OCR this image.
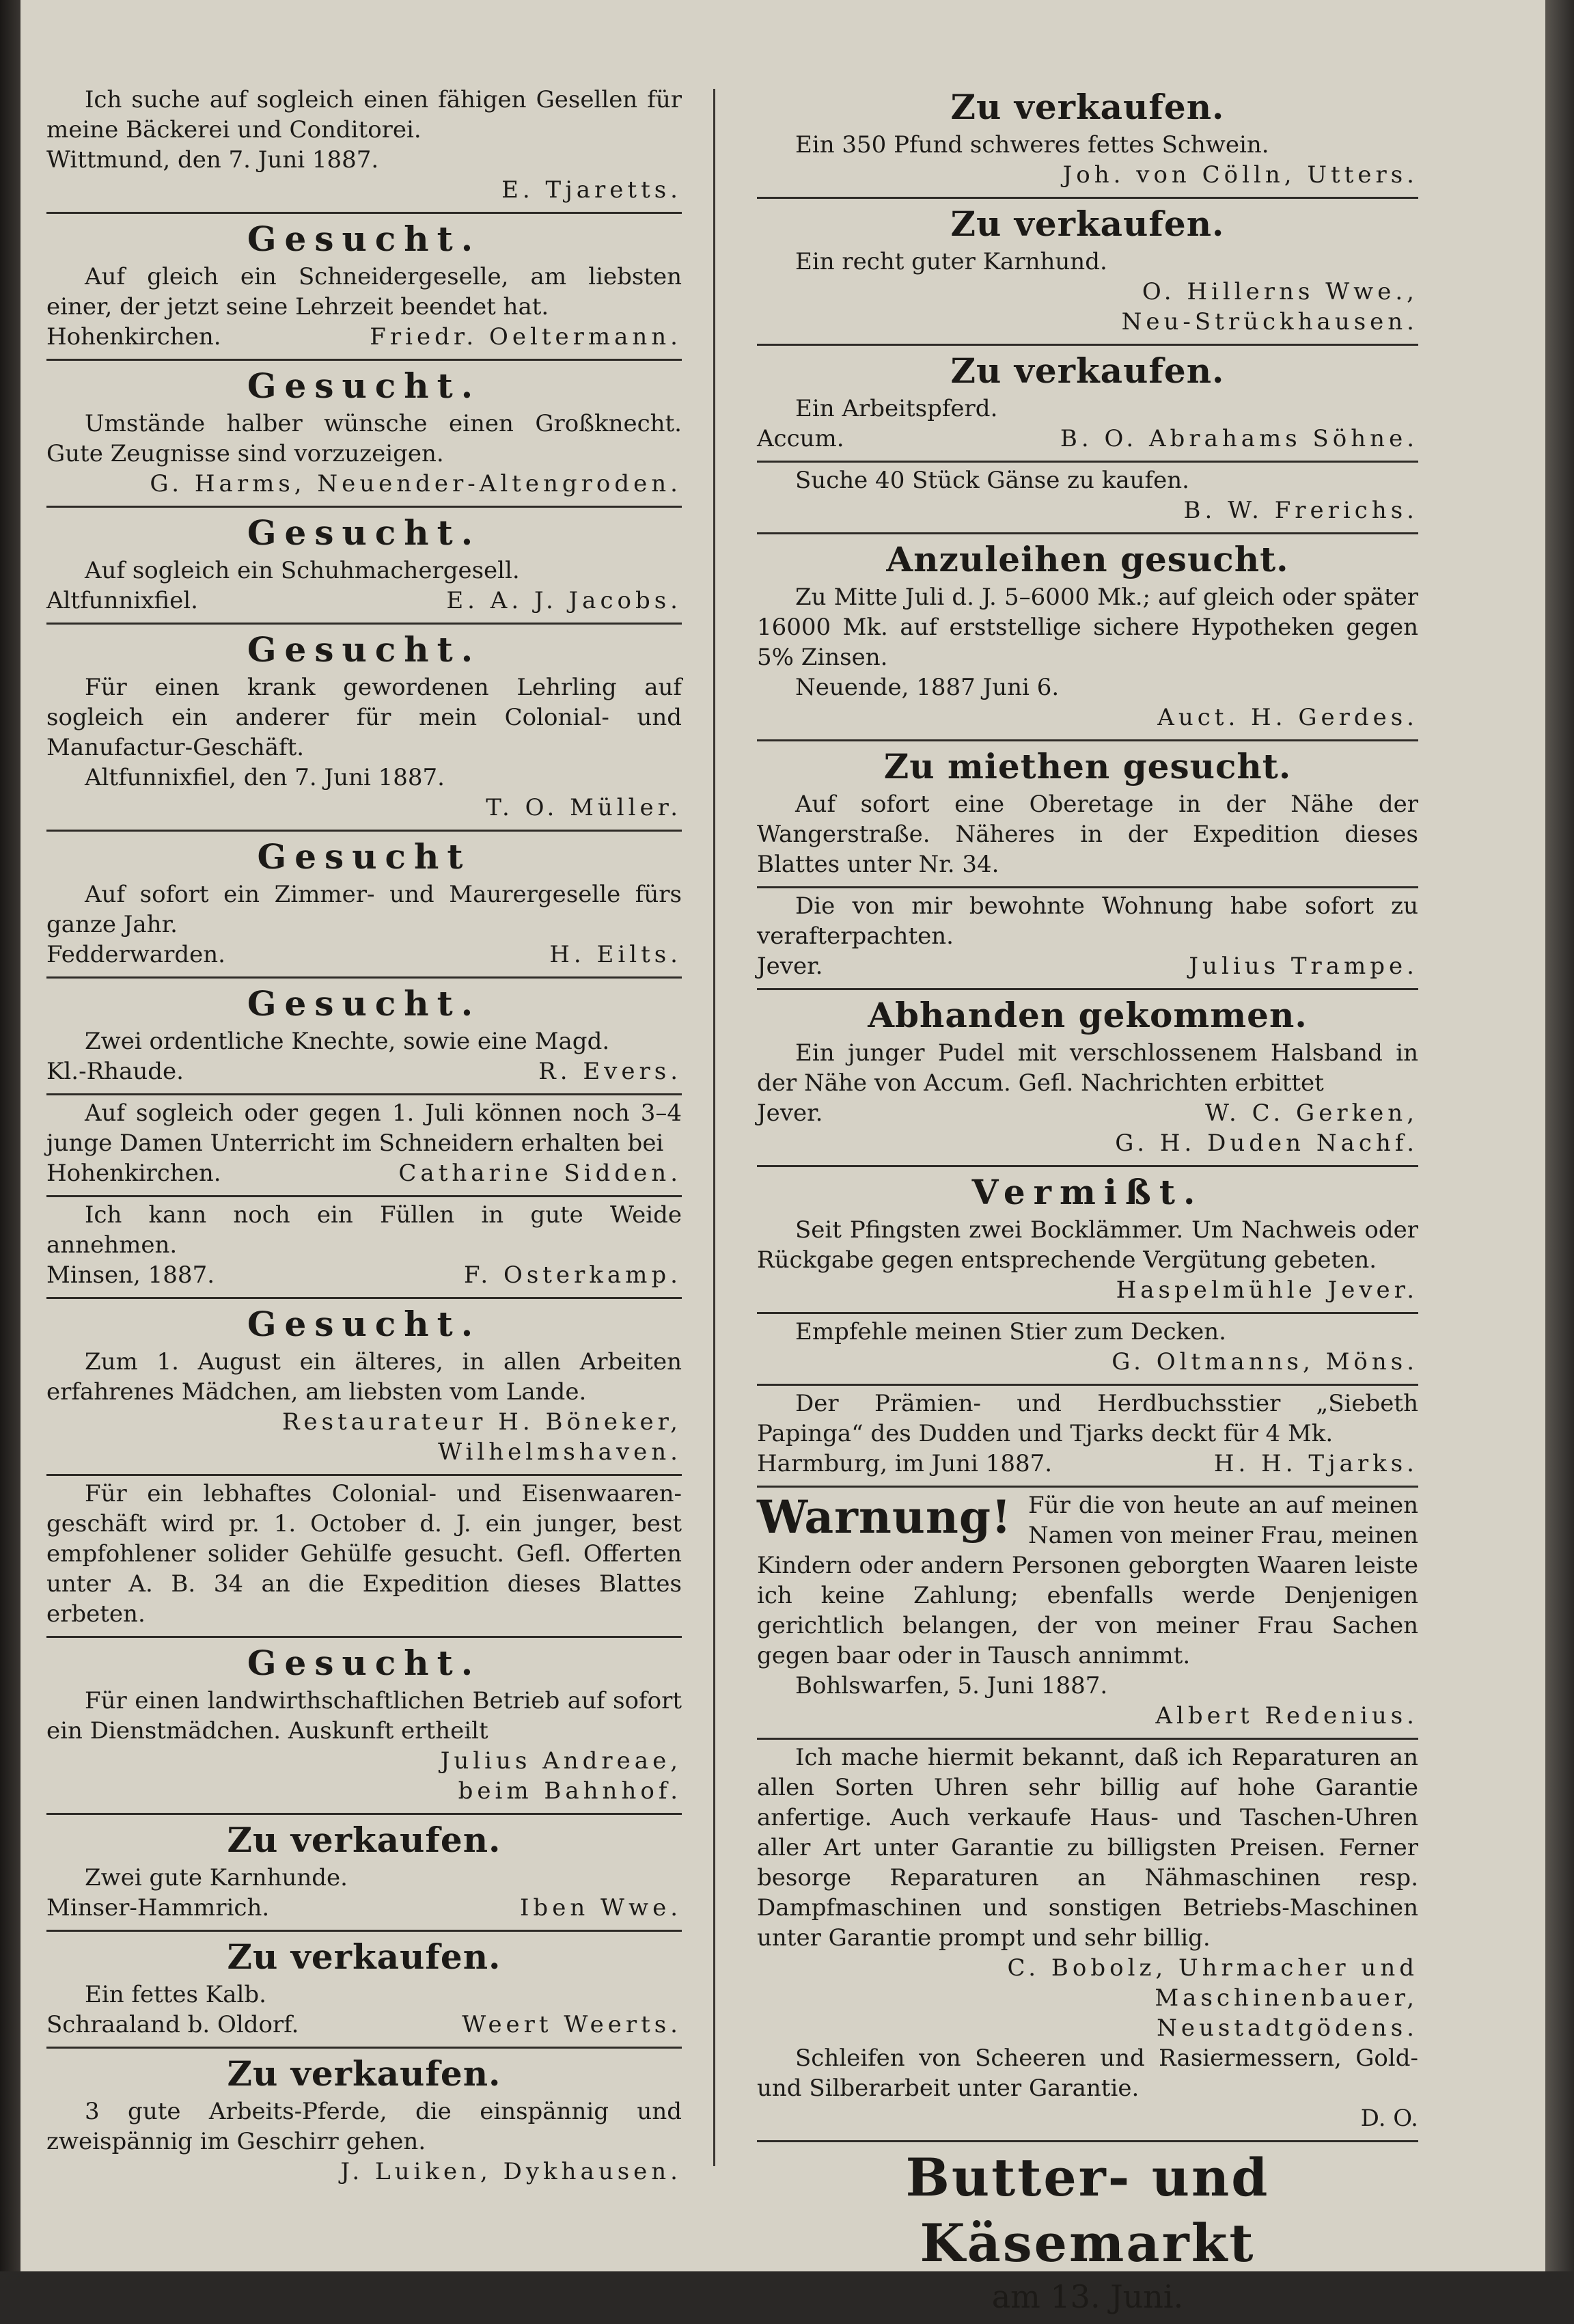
Ich suche auf sogleich einen fähigen Gesellen für meine Bäckerei und Conditorei.

Wittmund, den 7. Juni 1887.
E. Tjaretts.
Gesucht.

Auf gleich ein Schneidergeselle, am liebsten einer, der jetzt seine Lehrzeit beendet hat.

Hohenkirchen.	Friedr. Oeltermann.
Gesucht.

Umstände halber wünsche einen Großknecht. Gute Zeugnisse sind vorzuzeigen.

G. Harms, Neuender-Altengroden.
Gesucht.

Auf sogleich ein Schuhmachergesell.

Altfunnixfiel.	E. A. J. Jacobs.
Gesucht.

Für einen krank gewordenen Lehrling auf sogleich ein anderer für mein Colonial- und Manufactur-Geschäft.

Altfunnixfiel, den 7. Juni 1887.
T. O. Müller.
Gesucht

Auf sofort ein Zimmer- und Maurergeselle fürs ganze Jahr.

Fedderwarden.	H. Eilts.
Gesucht.

Zwei ordentliche Knechte, sowie eine Magd.

Kl.-Rhaude.	R. Evers.

Auf sogleich oder gegen 1. Juli können noch 3–4 junge Damen Unterricht im Schneidern erhalten bei

Hohenkirchen.	Catharine Sidden.

Ich kann noch ein Füllen in gute Weide annehmen.

Minsen, 1887.	F. Osterkamp.
Gesucht.

Zum 1. August ein älteres, in allen Arbeiten erfahrenes Mädchen, am liebsten vom Lande.

Restaurateur H. Böneker,
Wilhelmshaven.

Für ein lebhaftes Colonial- und Eisenwaaren-geschäft wird pr. 1. October d. J. ein junger, best empfohlener solider Gehülfe gesucht. Gefl. Offerten unter A. B. 34 an die Expedition dieses Blattes erbeten.

Gesucht.

Für einen landwirthschaftlichen Betrieb auf sofort ein Dienstmädchen. Auskunft ertheilt

Julius Andreae,
beim Bahnhof.
Zu verkaufen.

Zwei gute Karnhunde.

Minser-Hammrich.	Iben Wwe.
Zu verkaufen.

Ein fettes Kalb.

Schraaland b. Oldorf.	Weert Weerts.
Zu verkaufen.

3 gute Arbeits-Pferde, die einspännig und zweispännig im Geschirr gehen.

J. Luiken, Dykhausen.
Zu verkaufen.

Ein 350 Pfund schweres fettes Schwein.

Joh. von Cölln, Utters.
Zu verkaufen.

Ein recht guter Karnhund.

O. Hillerns Wwe.,
Neu-Strückhausen.
Zu verkaufen.

Ein Arbeitspferd.

Accum.	B. O. Abrahams Söhne.

Suche 40 Stück Gänse zu kaufen.

B. W. Frerichs.
Anzuleihen gesucht.

Zu Mitte Juli d. J. 5–6000 Mk.; auf gleich oder später 16000 Mk. auf erststellige sichere Hypotheken gegen 5% Zinsen.

Neuende, 1887 Juni 6.
Auct. H. Gerdes.
Zu miethen gesucht.

Auf sofort eine Oberetage in der Nähe der Wangerstraße. Näheres in der Expedition dieses Blattes unter Nr. 34.

Die von mir bewohnte Wohnung habe sofort zu verafterpachten.

Jever.	Julius Trampe.
Abhanden gekommen.

Ein junger Pudel mit verschlossenem Halsband in der Nähe von Accum. Gefl. Nachrichten erbittet

Jever.	W. C. Gerken,
G. H. Duden Nachf.
Vermißt.

Seit Pfingsten zwei Bocklämmer. Um Nachweis oder Rückgabe gegen entsprechende Vergütung gebeten.

Haspelmühle Jever.

Empfehle meinen Stier zum Decken.

G. Oltmanns, Möns.

Der Prämien- und Herdbuchsstier „Siebeth Papinga“ des Dudden und Tjarks deckt für 4 Mk.

Harmburg, im Juni 1887.	H. H. Tjarks.

Warnung! Für die von heute an auf meinen Namen von meiner Frau, meinen Kindern oder andern Personen geborgten Waaren leiste ich keine Zahlung; ebenfalls werde Denjenigen gerichtlich belangen, der von meiner Frau Sachen gegen baar oder in Tausch annimmt.

Bohlswarfen, 5. Juni 1887.
Albert Redenius.

Ich mache hiermit bekannt, daß ich Reparaturen an allen Sorten Uhren sehr billig auf hohe Garantie anfertige. Auch verkaufe Haus- und Taschen-Uhren aller Art unter Garantie zu billigsten Preisen. Ferner besorge Reparaturen an Nähmaschinen resp. Dampfmaschinen und sonstigen Betriebs-Maschinen unter Garantie prompt und sehr billig.

C. Bobolz, Uhrmacher und Maschinenbauer,
Neustadtgödens.

Schleifen von Scheeren und Rasiermessern, Gold- und Silberarbeit unter Garantie.

D. O.
Butter- und Käsemarkt
am 13. Juni.
